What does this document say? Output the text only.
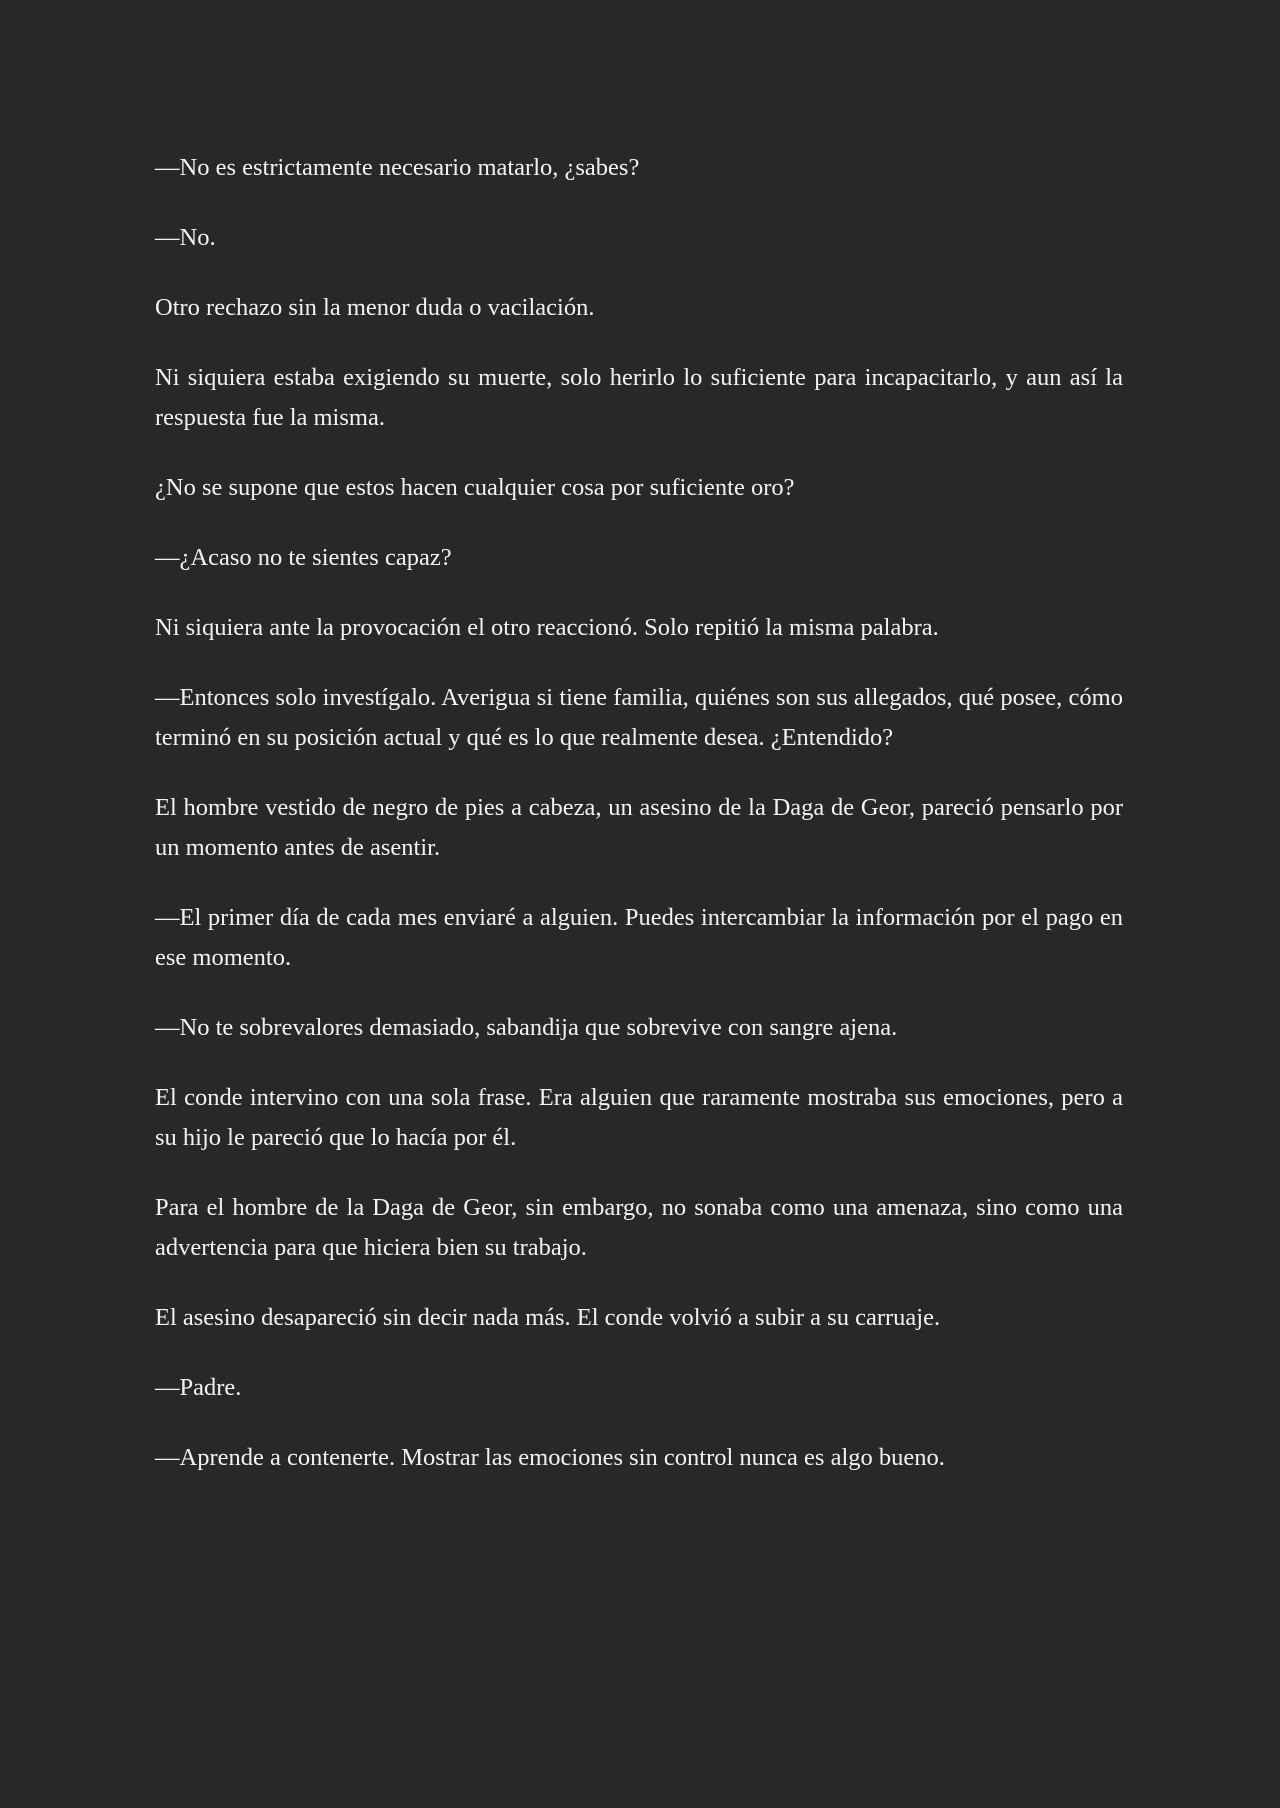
—No es estrictamente necesario matarlo, ¿sabes?

—No.

Otro rechazo sin la menor duda o vacilación.

Ni siquiera estaba exigiendo su muerte, solo herirlo lo suficiente para incapacitarlo, y aun así la respuesta fue la misma.

¿No se supone que estos hacen cualquier cosa por suficiente oro?

—¿Acaso no te sientes capaz?

Ni siquiera ante la provocación el otro reaccionó. Solo repitió la misma palabra.

—Entonces solo investígalo. Averigua si tiene familia, quiénes son sus allegados, qué posee, cómo terminó en su posición actual y qué es lo que realmente desea. ¿Entendido?

El hombre vestido de negro de pies a cabeza, un asesino de la Daga de Geor, pareció pensarlo por un momento antes de asentir.

—El primer día de cada mes enviaré a alguien. Puedes intercambiar la información por el pago en ese momento.

—No te sobrevalores demasiado, sabandija que sobrevive con sangre ajena.

El conde intervino con una sola frase. Era alguien que raramente mostraba sus emociones, pero a su hijo le pareció que lo hacía por él.

Para el hombre de la Daga de Geor, sin embargo, no sonaba como una amenaza, sino como una advertencia para que hiciera bien su trabajo.

El asesino desapareció sin decir nada más. El conde volvió a subir a su carruaje.

—Padre.

—Aprende a contenerte. Mostrar las emociones sin control nunca es algo bueno.
